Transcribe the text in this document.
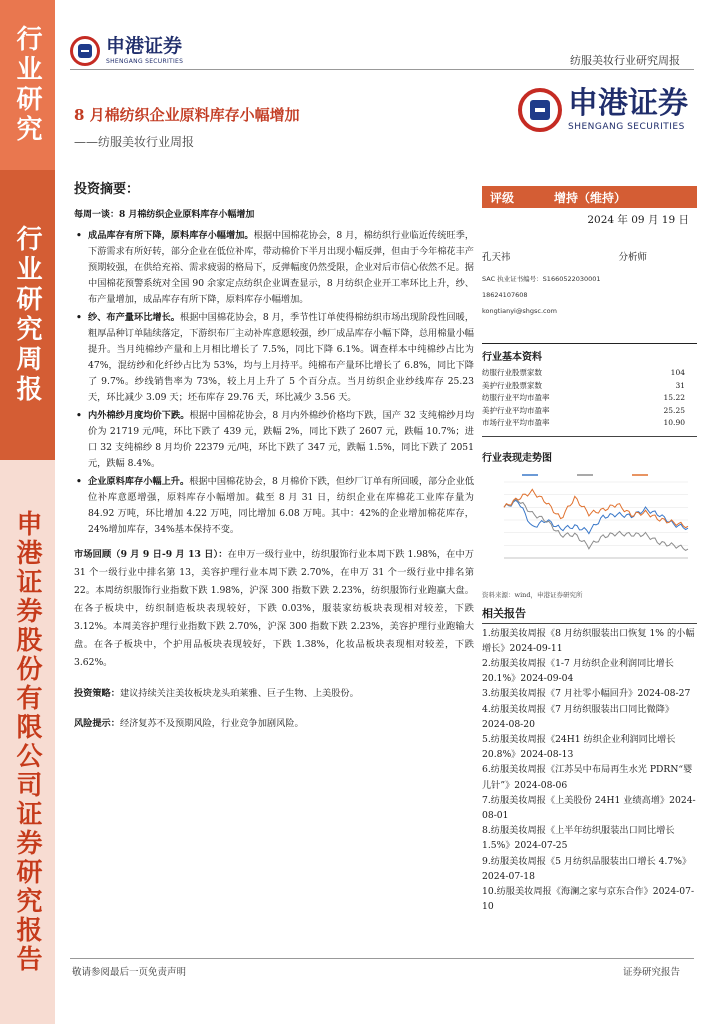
行业研究
行业研究周报
申港证券股份有限公司证券研究报告
申港证券
SHENGANG SECURITIES	纺服美妆行业研究周报
申港证券
SHENGANG SECURITIES
8 月棉纺织企业原料库存小幅增加
——纺服美妆行业周报
投资摘要：
每周一谈：8 月棉纺织企业原料库存小幅增加
• 成品库存有所下降，原料库存小幅增加。根据中国棉花协会，8 月，棉纺织行业临近传统旺季，下游需求有所好转，部分企业在低位补库，带动棉价下半月出现小幅反弹，但由于今年棉花丰产预期较强，在供给充裕、需求疲弱的格局下，反弹幅度仍然受限，企业对后市信心依然不足。据中国棉花预警系统对全国 90 余家定点纺织企业调查显示，8 月纺织企业开工率环比上升，纱、布产量增加，成品库存有所下降，原料库存小幅增加。
• 纱、布产量环比增长。根据中国棉花协会，8 月，季节性订单使得棉纺织市场出现阶段性回暖，粗厚品种订单陆续落定，下游织布厂主动补库意愿较强，纱厂成品库存小幅下降，总用棉量小幅提升。当月纯棉纱产量和上月相比增长了 7.5%，同比下降 6.1%。调查样本中纯棉纱占比为 47%，混纺纱和化纤纱占比为 53%，均与上月持平。纯棉布产量环比增长了 6.8%，同比下降了 9.7%。纱线销售率为 73%，较上月上升了 5 个百分点。当月纺织企业纱线库存 25.23 天，环比减少 3.09 天；坯布库存 29.76 天，环比减少 3.56 天。
• 内外棉纱月度均价下跌。根据中国棉花协会，8 月内外棉纱价格均下跌，国产 32 支纯棉纱月均价为 21719 元/吨，环比下跌了 439 元，跌幅 2%，同比下跌了 2607 元，跌幅 10.7%；进口 32 支纯棉纱 8 月均价 22379 元/吨，环比下跌了 347 元，跌幅 1.5%，同比下跌了 2051 元，跌幅 8.4%。
• 企业原料库存小幅上升。根据中国棉花协会，8 月棉价下跌，但纱厂订单有所回暖，部分企业低位补库意愿增强，原料库存小幅增加。截至 8 月 31 日，纺织企业在库棉花工业库存量为 84.92 万吨，环比增加 4.22 万吨，同比增加 6.08 万吨。其中：42%的企业增加棉花库存，24%增加库存，34%基本保持不变。

市场回顾（9 月 9 日-9 月 13 日）：在申万一级行业中，纺织服饰行业本周下跌 1.98%，在中万 31 个一级行业中排名第 13，美容护理行业本周下跌 2.70%，在申万 31 个一级行业中排名第 22。本周纺织服饰行业指数下跌 1.98%，沪深 300 指数下跌 2.23%，纺织服饰行业跑赢大盘。在各子板块中，纺织制造板块表现较好，下跌 0.03%，服装家纺板块表现相对较差，下跌 3.12%。本周美容护理行业指数下跌 2.70%，沪深 300 指数下跌 2.23%，美容护理行业跑输大盘。在各子板块中，个护用品板块表现较好，下跌 1.38%，化妆品板块表现相对较差，下跌 3.62%。

投资策略：建议持续关注美妆板块龙头珀莱雅、巨子生物、上美股份。

风险提示：经济复苏不及预期风险，行业竞争加剧风险。

评级	增持（维持）
2024 年 09 月 19 日
孔天祎	分析师
SAC 执业证书编号：S1660522030001
18624107608
kongtianyi@shgsc.com
行业基本资料
纺服行业股票家数	104
美护行业股票家数	31
纺服行业平均市盈率	15.22
美护行业平均市盈率	25.25
市场行业平均市盈率	10.90
行业表现走势图
资料来源：wind，申港证券研究所
相关报告
1.纺服美妆周报《8 月纺织服装出口恢复 1% 的小幅增长》2024-09-11
2.纺服美妆周报《1-7 月纺织企业利润同比增长 20.1%》2024-09-04
3.纺服美妆周报《7 月社零小幅回升》2024-08-27
4.纺服美妆周报《7 月纺织服装出口同比微降》2024-08-20
5.纺服美妆周报《24H1 纺织企业利润同比增长 20.8%》2024-08-13
6.纺服美妆周报《江苏吴中布局再生水光 PDRN“婴儿针”》2024-08-06
7.纺服美妆周报《上美股份 24H1 业绩高增》2024-08-01
8.纺服美妆周报《上半年纺织服装出口同比增长 1.5%》2024-07-25
9.纺服美妆周报《5 月纺织品服装出口增长 4.7%》2024-07-18
10.纺服美妆周报《海澜之家与京东合作》2024-07-10
敬请参阅最后一页免责声明	证券研究报告
